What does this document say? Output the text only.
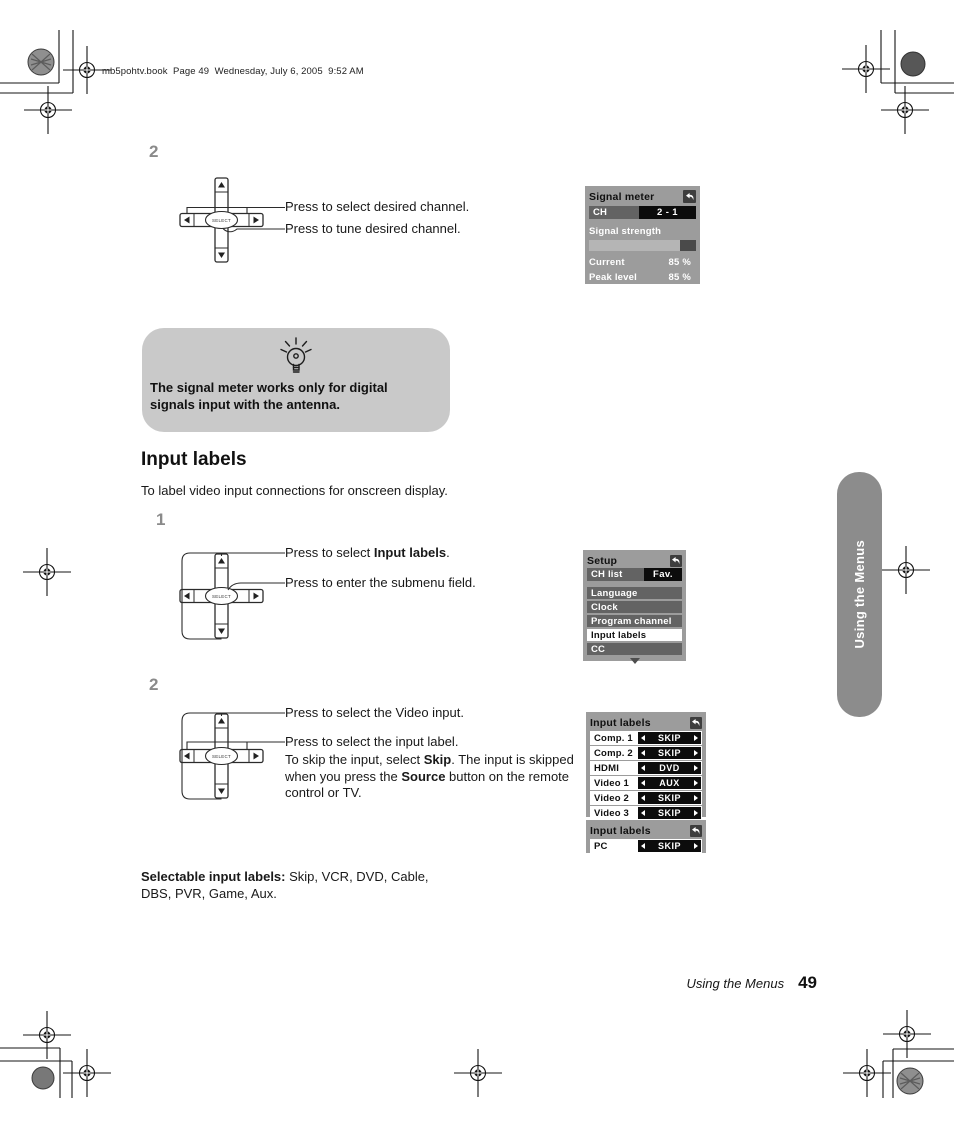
mb5pohtv.book  Page 49  Wednesday, July 6, 2005  9:52 AM
2
Press to select desired channel.
Press to tune desired channel.
Signal meter
CH	2 - 1
Signal strength
Current	85 %
Peak level	85 %
The signal meter works only for digital signals input with the antenna.
Input labels
To label video input connections for onscreen display.
1
Press to select Input labels.
Press to enter the submenu field.
Setup
CH list	Fav.
Language
Clock
Program channel
Input labels
CC
2
Press to select the Video input.
Press to select the input label.
To skip the input, select Skip. The input is skipped when you press the Source button on the remote control or TV.
Input labels
Comp. 1	SKIP
Comp. 2	SKIP
HDMI	DVD
Video 1	AUX
Video 2	SKIP
Video 3	SKIP
Input labels
PC	SKIP
Selectable input labels: Skip, VCR, DVD, Cable, DBS, PVR, Game, Aux.
Using the Menus
Using the Menus 49
